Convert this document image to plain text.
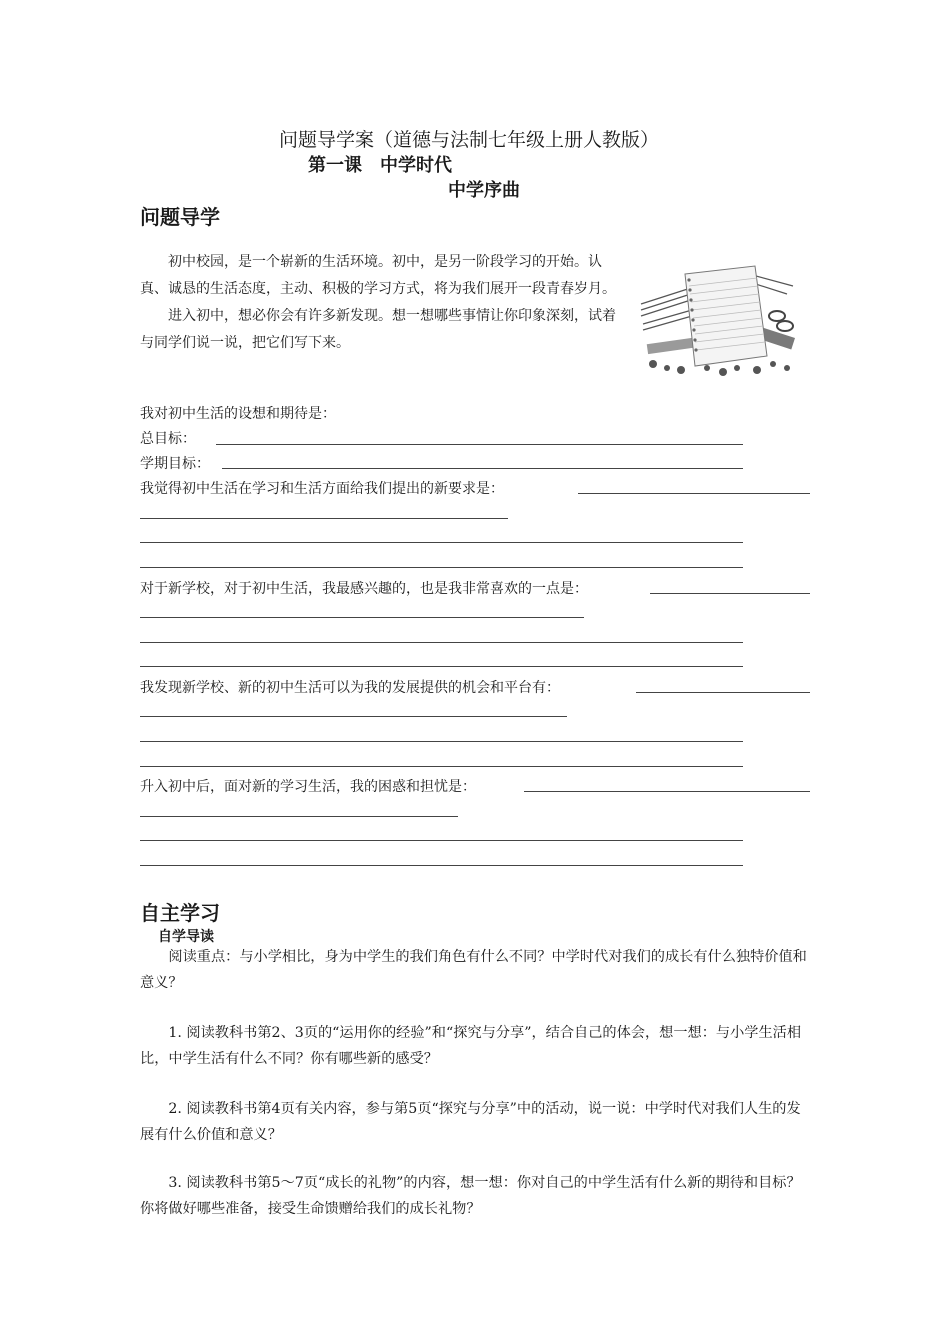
问题导学案（道德与法制七年级上册人教版）
第一课　中学时代
中学序曲
问题导学
初中校园，是一个崭新的生活环境。初中，是另一阶段学习的开始。认真、诚恳的生活态度，主动、积极的学习方式，将为我们展开一段青春岁月。
进入初中，想必你会有许多新发现。想一想哪些事情让你印象深刻，试着与同学们说一说，把它们写下来。
我对初中生活的设想和期待是：
总目标：
学期目标：
我觉得初中生活在学习和生活方面给我们提出的新要求是：
对于新学校，对于初中生活，我最感兴趣的，也是我非常喜欢的一点是：
我发现新学校、新的初中生活可以为我的发展提供的机会和平台有：
升入初中后，面对新的学习生活，我的困惑和担忧是：
自主学习
自学导读
阅读重点：与小学相比，身为中学生的我们角色有什么不同？中学时代对我们的成长有什么独特价值和意义？
1. 阅读教科书第2、3页的“运用你的经验”和“探究与分享”，结合自己的体会，想一想：与小学生活相比，中学生活有什么不同？你有哪些新的感受？
2. 阅读教科书第4页有关内容，参与第5页“探究与分享”中的活动，说一说：中学时代对我们人生的发展有什么价值和意义？
3. 阅读教科书第5～7页“成长的礼物”的内容，想一想：你对自己的中学生活有什么新的期待和目标？你将做好哪些准备，接受生命馈赠给我们的成长礼物？
